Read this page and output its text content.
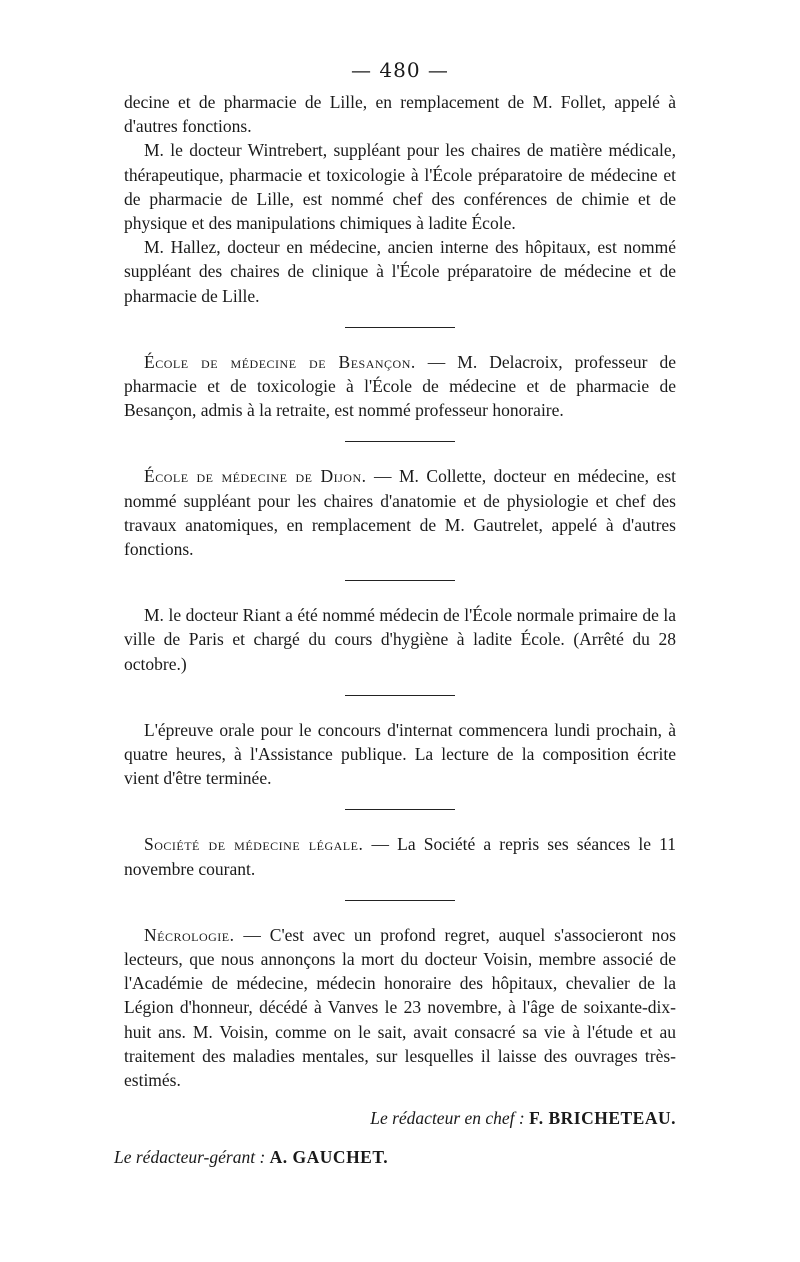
— 480 —

decine et de pharmacie de Lille, en remplacement de M. Follet, appelé à d'autres fonctions.

M. le docteur Wintrebert, suppléant pour les chaires de matière médicale, thérapeutique, pharmacie et toxicologie à l'École préparatoire de médecine et de pharmacie de Lille, est nommé chef des conférences de chimie et de physique et des manipulations chimiques à ladite École.

M. Hallez, docteur en médecine, ancien interne des hôpitaux, est nommé suppléant des chaires de clinique à l'École préparatoire de médecine et de pharmacie de Lille.

École de médecine de Besançon. — M. Delacroix, professeur de pharmacie et de toxicologie à l'École de médecine et de pharmacie de Besançon, admis à la retraite, est nommé professeur honoraire.

École de médecine de Dijon. — M. Collette, docteur en médecine, est nommé suppléant pour les chaires d'anatomie et de physiologie et chef des travaux anatomiques, en remplacement de M. Gautrelet, appelé à d'autres fonctions.

M. le docteur Riant a été nommé médecin de l'École normale primaire de la ville de Paris et chargé du cours d'hygiène à ladite École. (Arrêté du 28 octobre.)

L'épreuve orale pour le concours d'internat commencera lundi prochain, à quatre heures, à l'Assistance publique. La lecture de la composition écrite vient d'être terminée.

Société de médecine légale. — La Société a repris ses séances le 11 novembre courant.

Nécrologie. — C'est avec un profond regret, auquel s'associeront nos lecteurs, que nous annonçons la mort du docteur Voisin, membre associé de l'Académie de médecine, médecin honoraire des hôpitaux, chevalier de la Légion d'honneur, décédé à Vanves le 23 novembre, à l'âge de soixante-dix-huit ans. M. Voisin, comme on le sait, avait consacré sa vie à l'étude et au traitement des maladies mentales, sur lesquelles il laisse des ouvrages très-estimés.

Le rédacteur en chef : F. BRICHETEAU.
Le rédacteur-gérant : A. GAUCHET.
